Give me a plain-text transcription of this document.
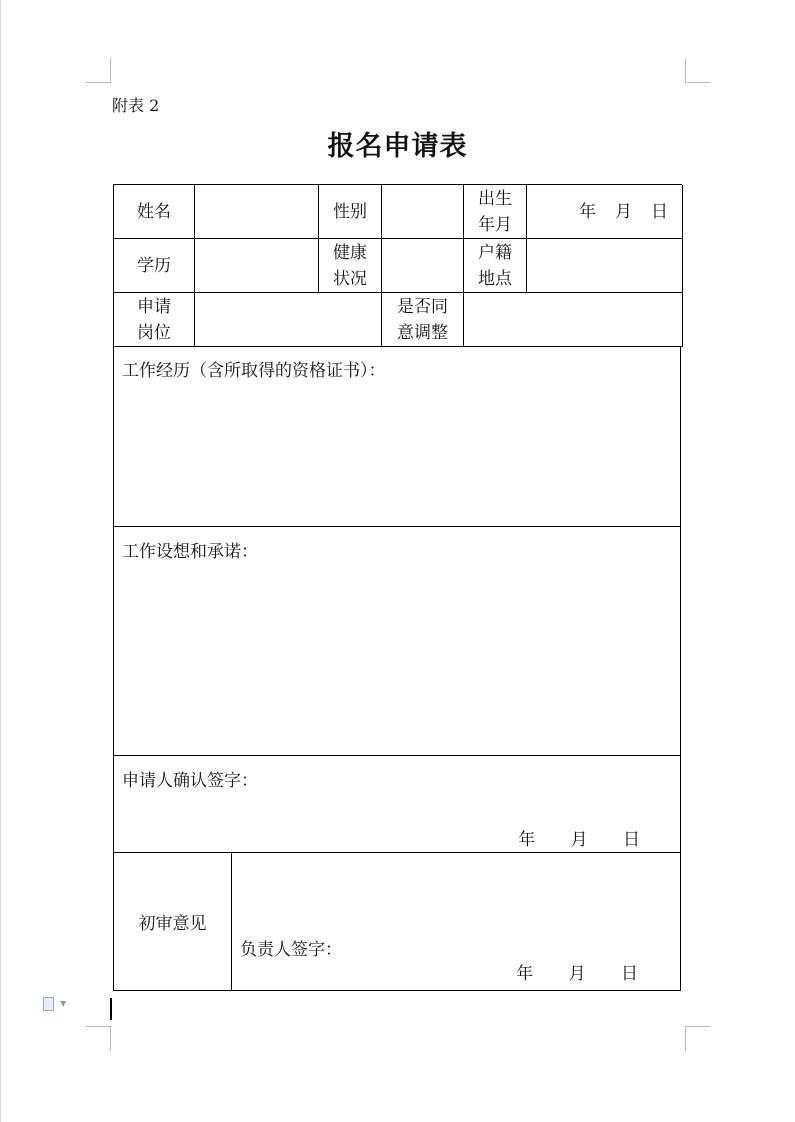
附表 2
报名申请表
姓名	性别
出生
年月
年 月 日
学历
健康
状况
户籍
地点
申请
岗位
是否同
意调整
工作经历（含所取得的资格证书）：
工作设想和承诺：
申请人确认签字：
年 月 日
初审意见
负责人签字：
年 月 日
▼
